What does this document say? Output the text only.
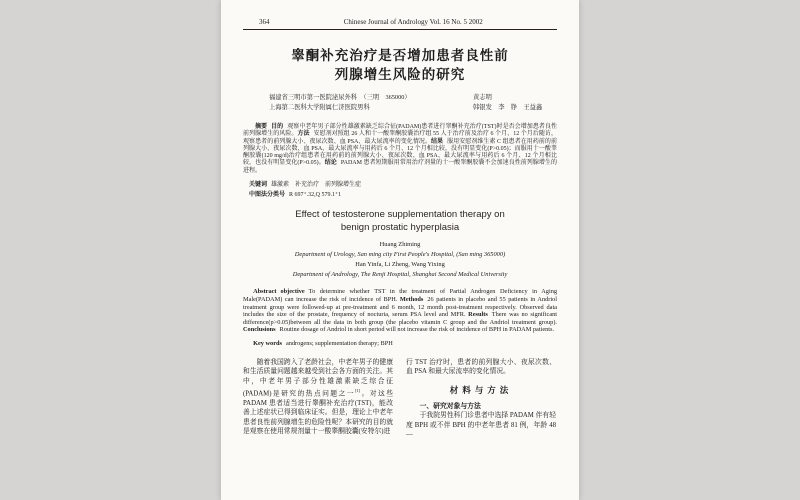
364	Chinese Journal of Andrology Vol. 16 No. 5 2002
睾酮补充治疗是否增加患者良性前
列腺增生风险的研究
福建省三明市第一医院泌尿外科　（三明　365000）	黄志明
上海第二医科大学附属仁济医院男科	韩银发　李　铮　王益鑫

摘要 目的 观察中老年男子部分性雄激素缺乏综合征(PADAM)患者进行睾酮补充治疗(TST)时是否会增加患者良性前列腺增生的风险。方法 安慰剂对照组 26 人和十一酸睾酮胶囊治疗组 55 人于治疗前及治疗 6 个月、12 个月后随访，观察患者的前列腺大小、夜尿次数、血 PSA、最大尿流率的变化情况。结果 服用安慰剂维生素 C 组患者在用药前的前列腺大小、夜尿次数、血 PSA、最大尿流率与用药后 6 个月、12 个月相比较，没有明显变化(P>0.05)；而服用十一酸睾酮胶囊(120 mg/d)治疗组患者在用药前的前列腺大小、夜尿次数、血 PSA、最大尿流率与用药后 6 个月、12 个月相比较，也没有明显变化(P>0.05)。结论 PADAM 患者短期服用常用治疗剂量的十一酸睾酮胶囊不会加速良性前列腺增生的进程。

关键词 雄激素　补充治疗　前列腺增生症
中图法分类号 R 697⁺.32,Q 579.1⁺1
Effect of testosterone supplementation therapy on
benign prostatic hyperplasia
Huang Zhiming
Department of Urology, San ming city First People's Hospital, (San ming 365000)
Han Yinfa, Li Zheng, Wang Yixing
Department of Andrology, The Renji Hospital, Shanghai Second Medical University

Abstract objective To determine whether TST in the treatment of Partial Androgen Deficiency in Aging Male(PADAM) can increase the risk of incidence of BPH. Methods 26 patients in placebo and 55 patients in Andriol treatment group were followed-up at pre-treatment and 6 month, 12 month post-treatment respectively. Observed data includes the size of the prostate, frequency of nocturia, serum PSA level and MFR. Results There was no significant difference(p>0.05)between all the data in both group (the placebo vitamin C group and the Andriol treatment group). Conclusions Routine dosage of Andriol in short period will not increase the risk of incidence of BPH in PADAM patients.

Key words androgens; supplementation therapy; BPH

随着我国跨入了老龄社会，中老年男子的健康和生活质量问题越来越受到社会各方面的关注。其中，中老年男子部分性雄激素缺乏综合征(PADAM)是研究的热点问题之一[1]。对这些 PADAM 患者适当进行睾酮补充治疗(TST)，能改善上述症状已得到临床证实。但是，理论上中老年患者良性前列腺增生的危险性呢？本研究的目的就是观察在使用常规剂量十一酸睾酮胶囊(安特尔)进

行 TST 治疗时，患者的前列腺大小、夜尿次数、血 PSA 和最大尿流率的变化情况。

材料与方法

一、研究对象与方法

于我院男性科门诊患者中选择 PADAM 伴有轻度 BPH 或不伴 BPH 的中老年患者 81 例，年龄 48—
